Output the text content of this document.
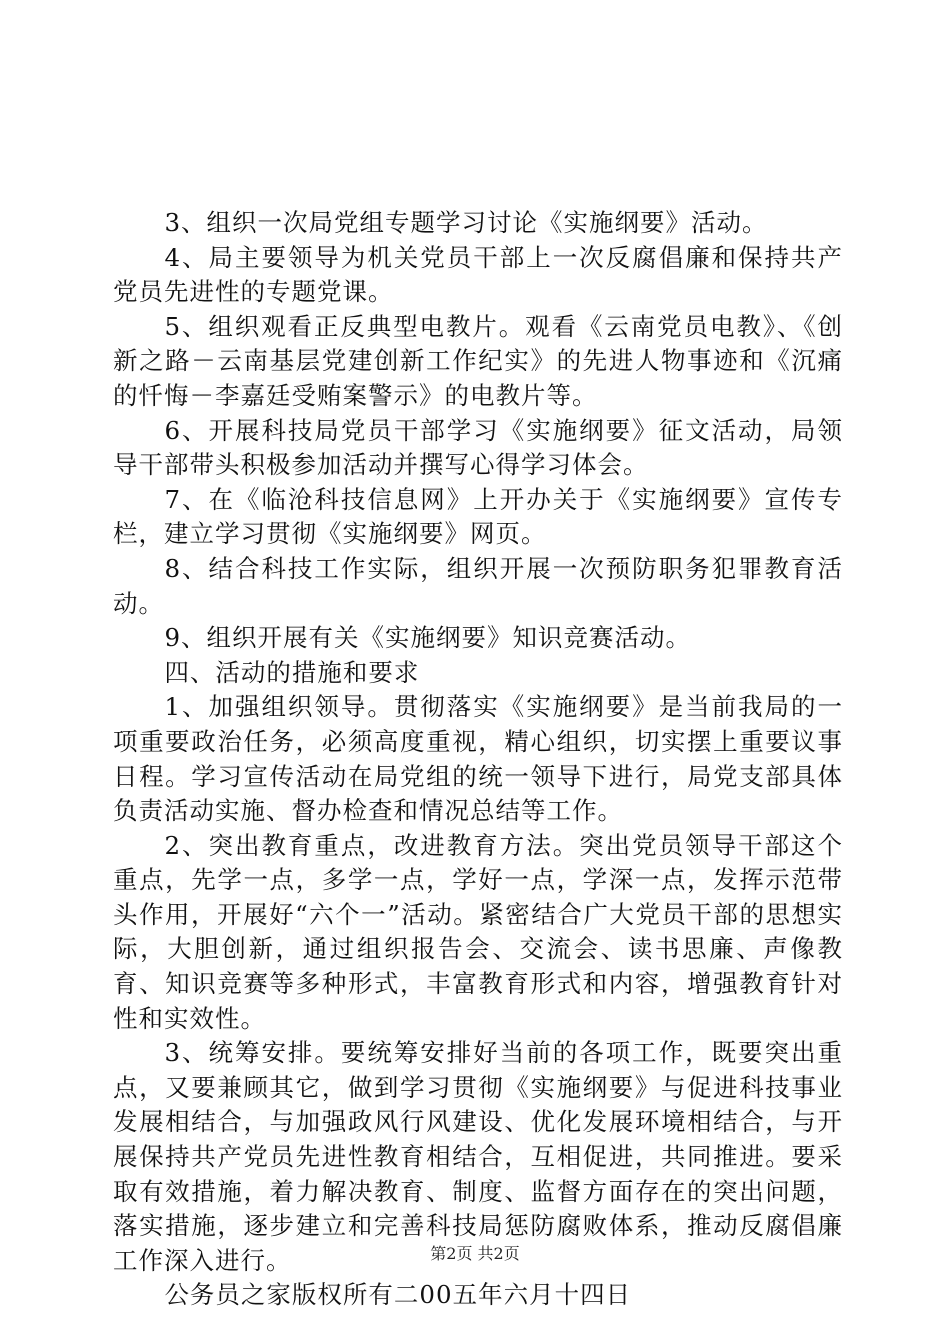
3、组织一次局党组专题学习讨论《实施纲要》活动。

4、局主要领导为机关党员干部上一次反腐倡廉和保持共产党员先进性的专题党课。

5、组织观看正反典型电教片。观看《云南党员电教》、《创新之路－云南基层党建创新工作纪实》的先进人物事迹和《沉痛的忏悔－李嘉廷受贿案警示》的电教片等。

6、开展科技局党员干部学习《实施纲要》征文活动，局领导干部带头积极参加活动并撰写心得学习体会。

7、在《临沧科技信息网》上开办关于《实施纲要》宣传专栏，建立学习贯彻《实施纲要》网页。

8、结合科技工作实际，组织开展一次预防职务犯罪教育活动。

9、组织开展有关《实施纲要》知识竞赛活动。

四、活动的措施和要求

1、加强组织领导。贯彻落实《实施纲要》是当前我局的一项重要政治任务，必须高度重视，精心组织，切实摆上重要议事日程。学习宣传活动在局党组的统一领导下进行，局党支部具体负责活动实施、督办检查和情况总结等工作。

2、突出教育重点，改进教育方法。突出党员领导干部这个重点，先学一点，多学一点，学好一点，学深一点，发挥示范带头作用，开展好“六个一”活动。紧密结合广大党员干部的思想实际，大胆创新，通过组织报告会、交流会、读书思廉、声像教育、知识竞赛等多种形式，丰富教育形式和内容，增强教育针对性和实效性。

3、统筹安排。要统筹安排好当前的各项工作，既要突出重点，又要兼顾其它，做到学习贯彻《实施纲要》与促进科技事业发展相结合，与加强政风行风建设、优化发展环境相结合，与开展保持共产党员先进性教育相结合，互相促进，共同推进。要采取有效措施，着力解决教育、制度、监督方面存在的突出问题，落实措施，逐步建立和完善科技局惩防腐败体系，推动反腐倡廉工作深入进行。

公务员之家版权所有二00五年六月十四日

第2页 共2页
